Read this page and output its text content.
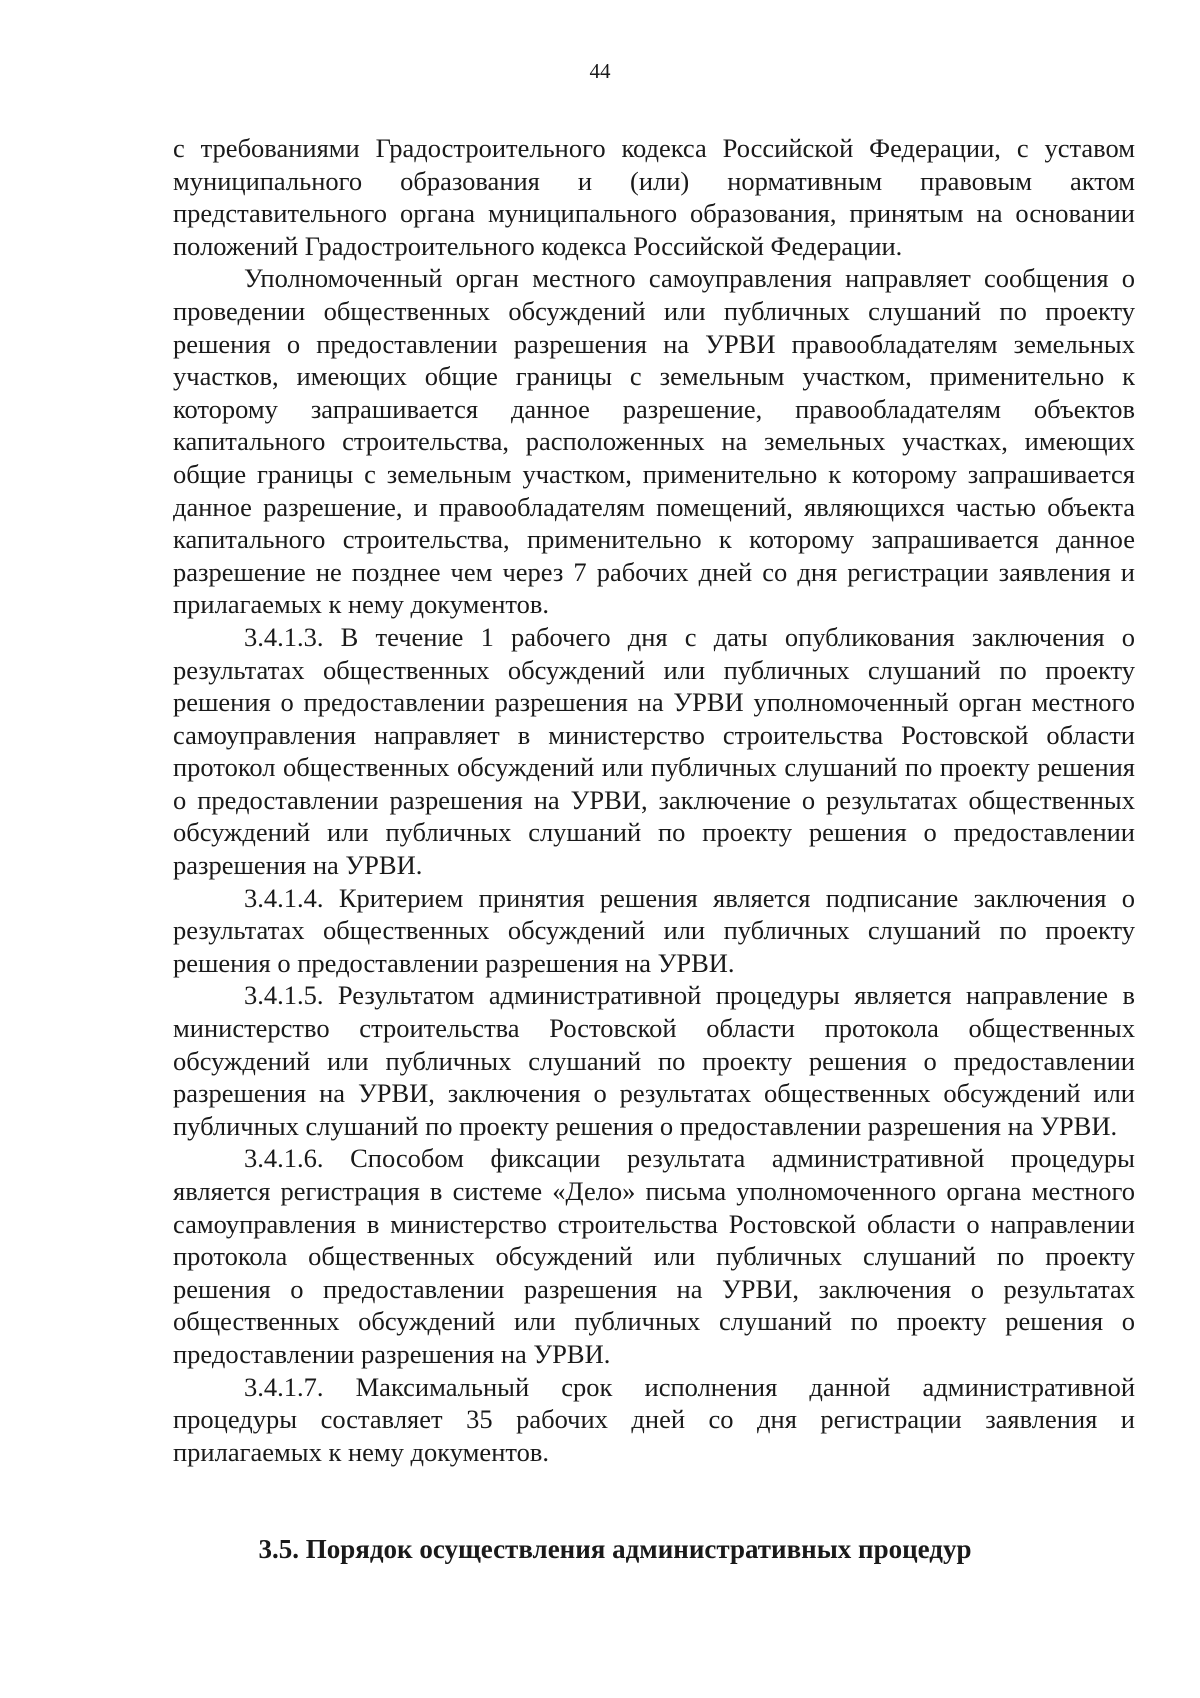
44

с требованиями Градостроительного кодекса Российской Федерации, с уставом муниципального образования и (или) нормативным правовым актом представительного органа муниципального образования, принятым на основании положений Градостроительного кодекса Российской Федерации.

Уполномоченный орган местного самоуправления направляет сообщения о проведении общественных обсуждений или публичных слушаний по проекту решения о предоставлении разрешения на УРВИ правообладателям земельных участков, имеющих общие границы с земельным участком, применительно к которому запрашивается данное разрешение, правообладателям объектов капитального строительства, расположенных на земельных участках, имеющих общие границы с земельным участком, применительно к которому запрашивается данное разрешение, и правообладателям помещений, являющихся частью объекта капитального строительства, применительно к которому запрашивается данное разрешение не позднее чем через 7 рабочих дней со дня регистрации заявления и прилагаемых к нему документов.

3.4.1.3. В течение 1 рабочего дня с даты опубликования заключения о результатах общественных обсуждений или публичных слушаний по проекту решения о предоставлении разрешения на УРВИ уполномоченный орган местного самоуправления направляет в министерство строительства Ростовской области протокол общественных обсуждений или публичных слушаний по проекту решения о предоставлении разрешения на УРВИ, заключение о результатах общественных обсуждений или публичных слушаний по проекту решения о предоставлении разрешения на УРВИ.

3.4.1.4. Критерием принятия решения является подписание заключения о результатах общественных обсуждений или публичных слушаний по проекту решения о предоставлении разрешения на УРВИ.

3.4.1.5. Результатом административной процедуры является направление в министерство строительства Ростовской области протокола общественных обсуждений или публичных слушаний по проекту решения о предоставлении разрешения на УРВИ, заключения о результатах общественных обсуждений или публичных слушаний по проекту решения о предоставлении разрешения на УРВИ.

3.4.1.6. Способом фиксации результата административной процедуры является регистрация в системе «Дело» письма уполномоченного органа местного самоуправления в министерство строительства Ростовской области о направлении протокола общественных обсуждений или публичных слушаний по проекту решения о предоставлении разрешения на УРВИ, заключения о результатах общественных обсуждений или публичных слушаний по проекту решения о предоставлении разрешения на УРВИ.

3.4.1.7. Максимальный срок исполнения данной административной процедуры составляет 35 рабочих дней со дня регистрации заявления и прилагаемых к нему документов.

3.5. Порядок осуществления административных процедур
